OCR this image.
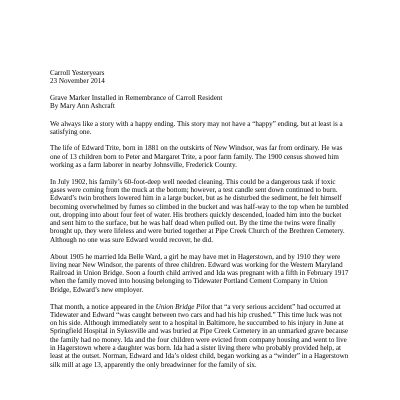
Carroll Yesteryears

23 November 2014

Grave Marker Installed in Remembrance of Carroll Resident

By Mary Ann Ashcraft

We always like a story with a happy ending. This story may not have a “happy” ending, but at least is a satisfying one.

The life of Edward Trite, born in 1881 on the outskirts of New Windsor, was far from ordinary. He was one of 13 children born to Peter and Margaret Trite, a poor farm family. The 1900 census showed him working as a farm laborer in nearby Johnsville, Frederick County.

In July 1902, his family’s 60-foot-deep well needed cleaning. This could be a dangerous task if toxic gases were coming from the muck at the bottom; however, a test candle sent down continued to burn. Edward’s twin brothers lowered him in a large bucket, but as he disturbed the sediment, he felt himself becoming overwhelmed by fumes so climbed in the bucket and was half-way to the top when he tumbled out, dropping into about four feet of water. His brothers quickly descended, loaded him into the bucket and sent him to the surface, but he was half dead when pulled out. By the time the twins were finally brought up, they were lifeless and were buried together at Pipe Creek Church of the Brethren Cemetery. Although no one was sure Edward would recover, he did.

About 1905 he married Ida Belle Ward, a girl he may have met in Hagerstown, and by 1910 they were living near New Windsor, the parents of three children. Edward was working for the Western Maryland Railroad in Union Bridge. Soon a fourth child arrived and Ida was pregnant with a fifth in February 1917 when the family moved into housing belonging to Tidewater Portland Cement Company in Union Bridge, Edward’s new employer.

That month, a notice appeared in the Union Bridge Pilot that “a very serious accident” had occurred at Tidewater and Edward “was caught between two cars and had his hip crushed.” This time luck was not on his side. Although immediately sent to a hospital in Baltimore, he succumbed to his injury in June at Springfield Hospital in Sykesville and was buried at Pipe Creek Cemetery in an unmarked grave because the family had no money. Ida and the four children were evicted from company housing and went to live in Hagerstown where a daughter was born. Ida had a sister living there who probably provided help, at least at the outset. Norman, Edward and Ida’s oldest child, began working as a “winder” in a Hagerstown silk mill at age 13, apparently the only breadwinner for the family of six.
